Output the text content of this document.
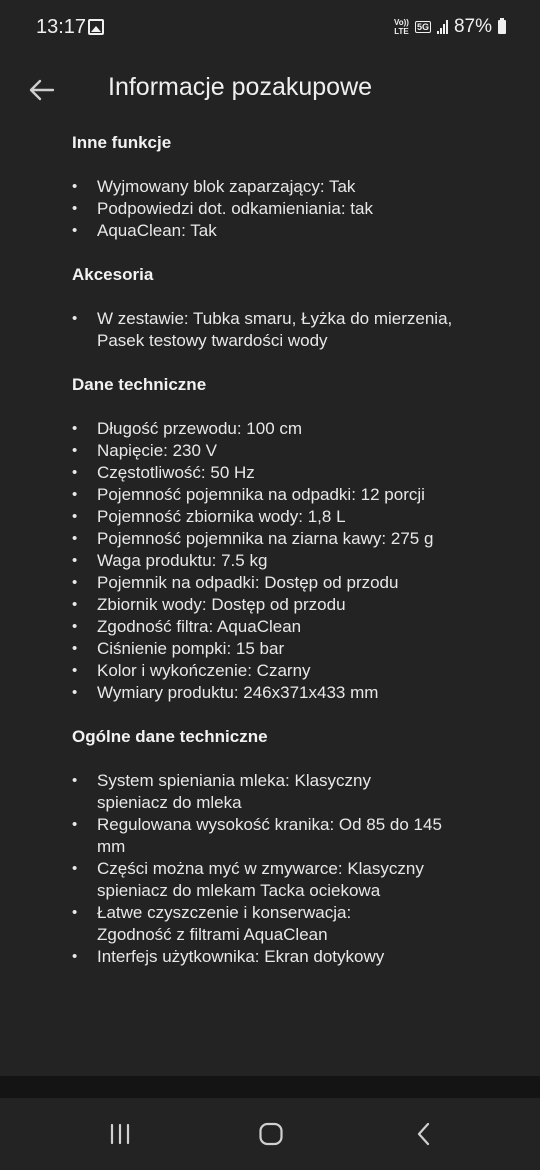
13:17	Vo))
LTE 5G 87%
Informacje pozakupowe
Inne funkcje
• Wyjmowany blok zaparzający: Tak
• Podpowiedzi dot. odkamieniania: tak
• AquaClean: Tak
Akcesoria
• W zestawie: Tubka smaru, Łyżka do mierzenia, Pasek testowy twardości wody
Dane techniczne
• Długość przewodu: 100 cm
• Napięcie: 230 V
• Częstotliwość: 50 Hz
• Pojemność pojemnika na odpadki: 12 porcji
• Pojemność zbiornika wody: 1,8 L
• Pojemność pojemnika na ziarna kawy: 275 g
• Waga produktu: 7.5 kg
• Pojemnik na odpadki: Dostęp od przodu
• Zbiornik wody: Dostęp od przodu
• Zgodność filtra: AquaClean
• Ciśnienie pompki: 15 bar
• Kolor i wykończenie: Czarny
• Wymiary produktu: 246x371x433 mm
Ogólne dane techniczne
• System spieniania mleka: Klasyczny spieniacz do mleka
• Regulowana wysokość kranika: Od 85 do 145 mm
• Części można myć w zmywarce: Klasyczny spieniacz do mlekam Tacka ociekowa
• Łatwe czyszczenie i konserwacja: Zgodność z filtrami AquaClean
• Interfejs użytkownika: Ekran dotykowy
